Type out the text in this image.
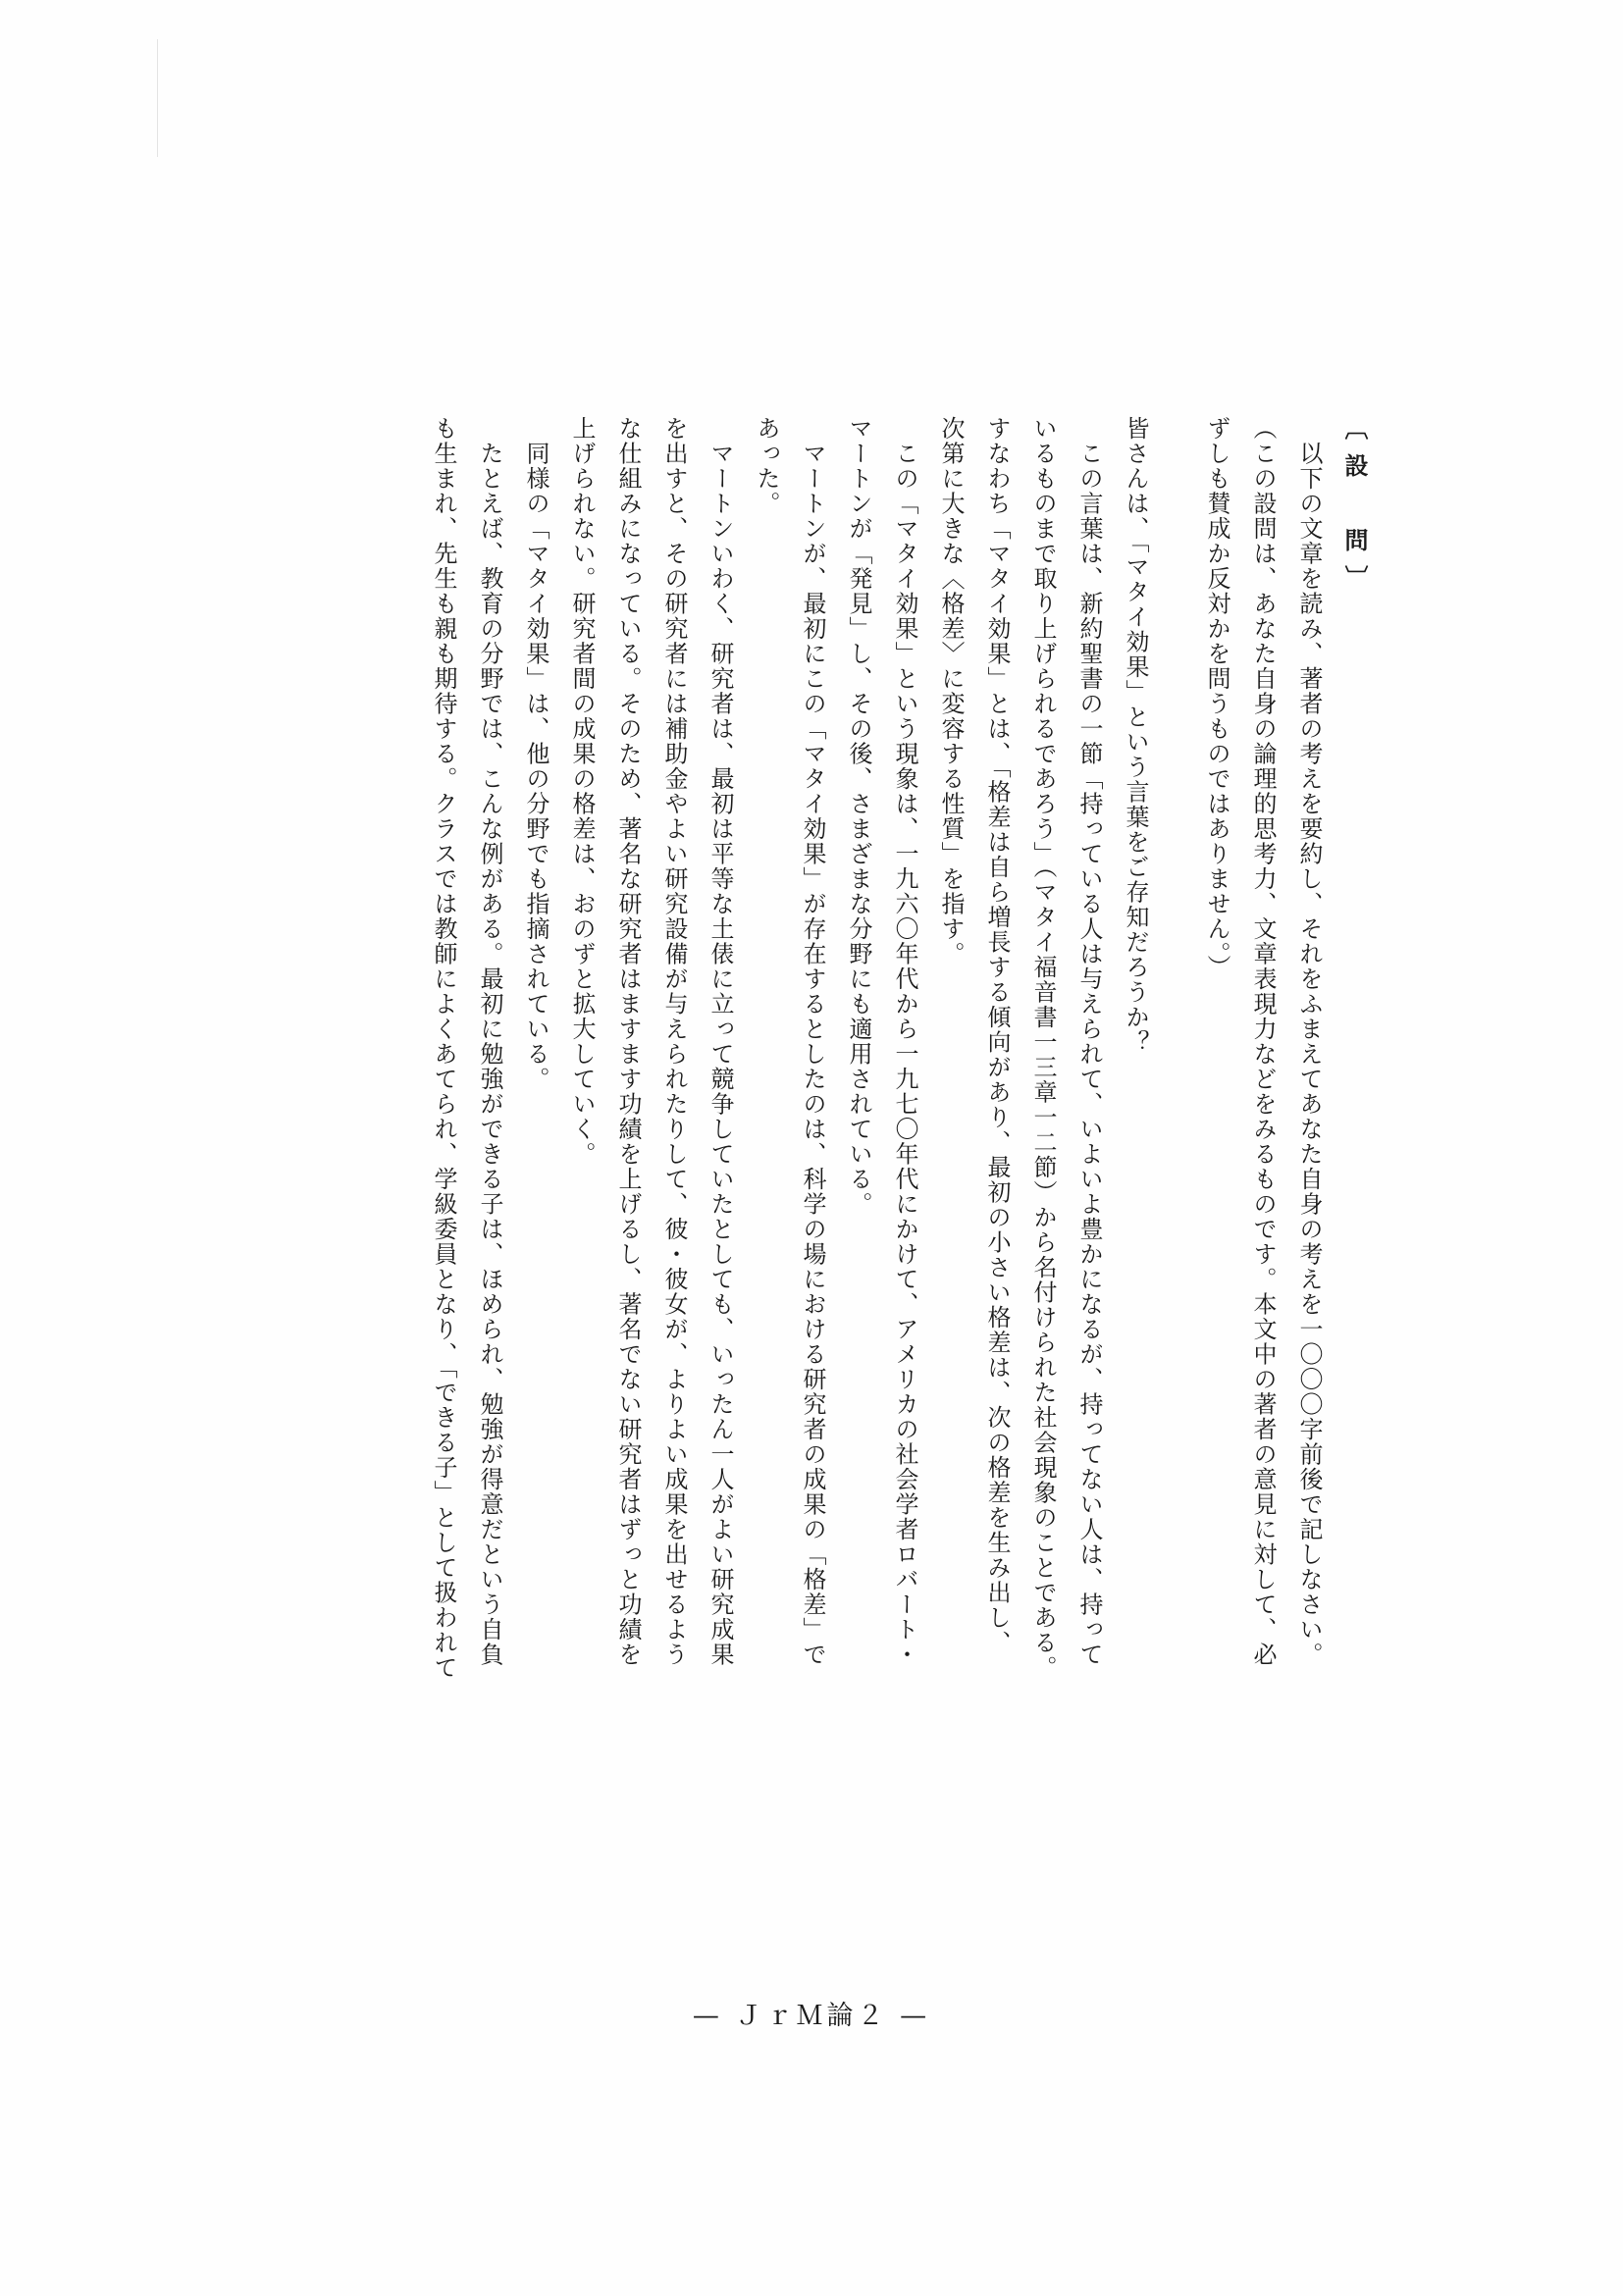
〔設　問〕
　以下の文章を読み、著者の考えを要約し、それをふまえてあなた自身の考えを一〇〇〇字前後で記しなさい。
（この設問は、あなた自身の論理的思考力、文章表現力などをみるものです。本文中の著者の意見に対して、必
ずしも賛成か反対かを問うものではありません。）
皆さんは、「マタイ効果」という言葉をご存知だろうか？
　この言葉は、新約聖書の一節「持っている人は与えられて、いよいよ豊かになるが、持ってない人は、持って
いるものまで取り上げられるであろう」（マタイ福音書一三章一二節）から名付けられた社会現象のことである。
すなわち「マタイ効果」とは、「格差は自ら増長する傾向があり、最初の小さい格差は、次の格差を生み出し、
次第に大きな〈格差〉に変容する性質」を指す。
　この「マタイ効果」という現象は、一九六〇年代から一九七〇年代にかけて、アメリカの社会学者ロバート・
マートンが「発見」し、その後、さまざまな分野にも適用されている。
　マートンが、最初にこの「マタイ効果」が存在するとしたのは、科学の場における研究者の成果の「格差」で
あった。
　マートンいわく、研究者は、最初は平等な土俵に立って競争していたとしても、いったん一人がよい研究成果
を出すと、その研究者には補助金やよい研究設備が与えられたりして、彼・彼女が、よりよい成果を出せるよう
な仕組みになっている。そのため、著名な研究者はますます功績を上げるし、著名でない研究者はずっと功績を
上げられない。研究者間の成果の格差は、おのずと拡大していく。
　同様の「マタイ効果」は、他の分野でも指摘されている。
　たとえば、教育の分野では、こんな例がある。最初に勉強ができる子は、ほめられ、勉強が得意だという自負
も生まれ、先生も親も期待する。クラスでは教師によくあてられ、学級委員となり、「できる子」として扱われて
— ＪｒＭ論２ —
